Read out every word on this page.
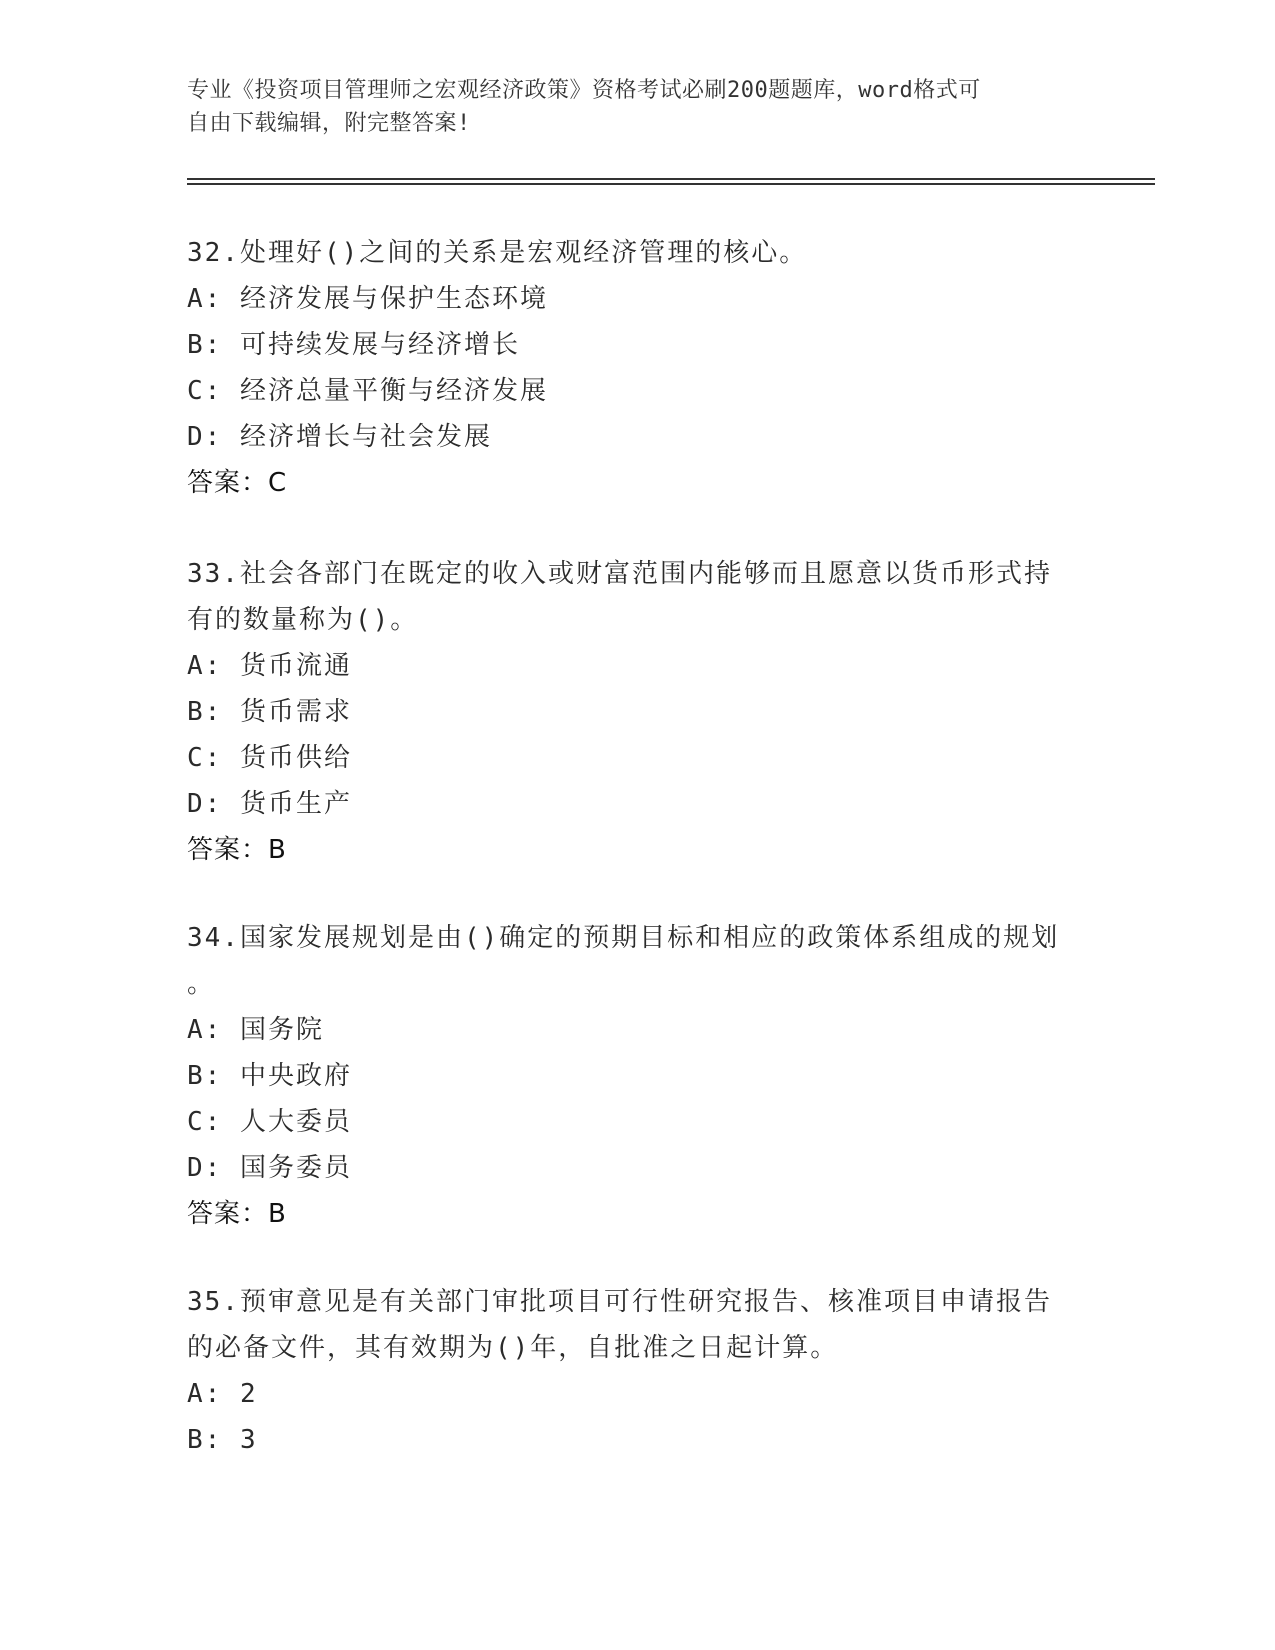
专业《投资项目管理师之宏观经济政策》资格考试必刷200题题库，word格式可
自由下载编辑，附完整答案!

32.处理好()之间的关系是宏观经济管理的核心。

A: 经济发展与保护生态环境

B: 可持续发展与经济增长

C: 经济总量平衡与经济发展

D: 经济增长与社会发展

答案：C

33.社会各部门在既定的收入或财富范围内能够而且愿意以货币形式持

有的数量称为()。

A: 货币流通

B: 货币需求

C: 货币供给

D: 货币生产

答案：B

34.国家发展规划是由()确定的预期目标和相应的政策体系组成的规划

。

A: 国务院

B: 中央政府

C: 人大委员

D: 国务委员

答案：B

35.预审意见是有关部门审批项目可行性研究报告、核准项目申请报告

的必备文件，其有效期为()年，自批准之日起计算。

A: 2

B: 3
